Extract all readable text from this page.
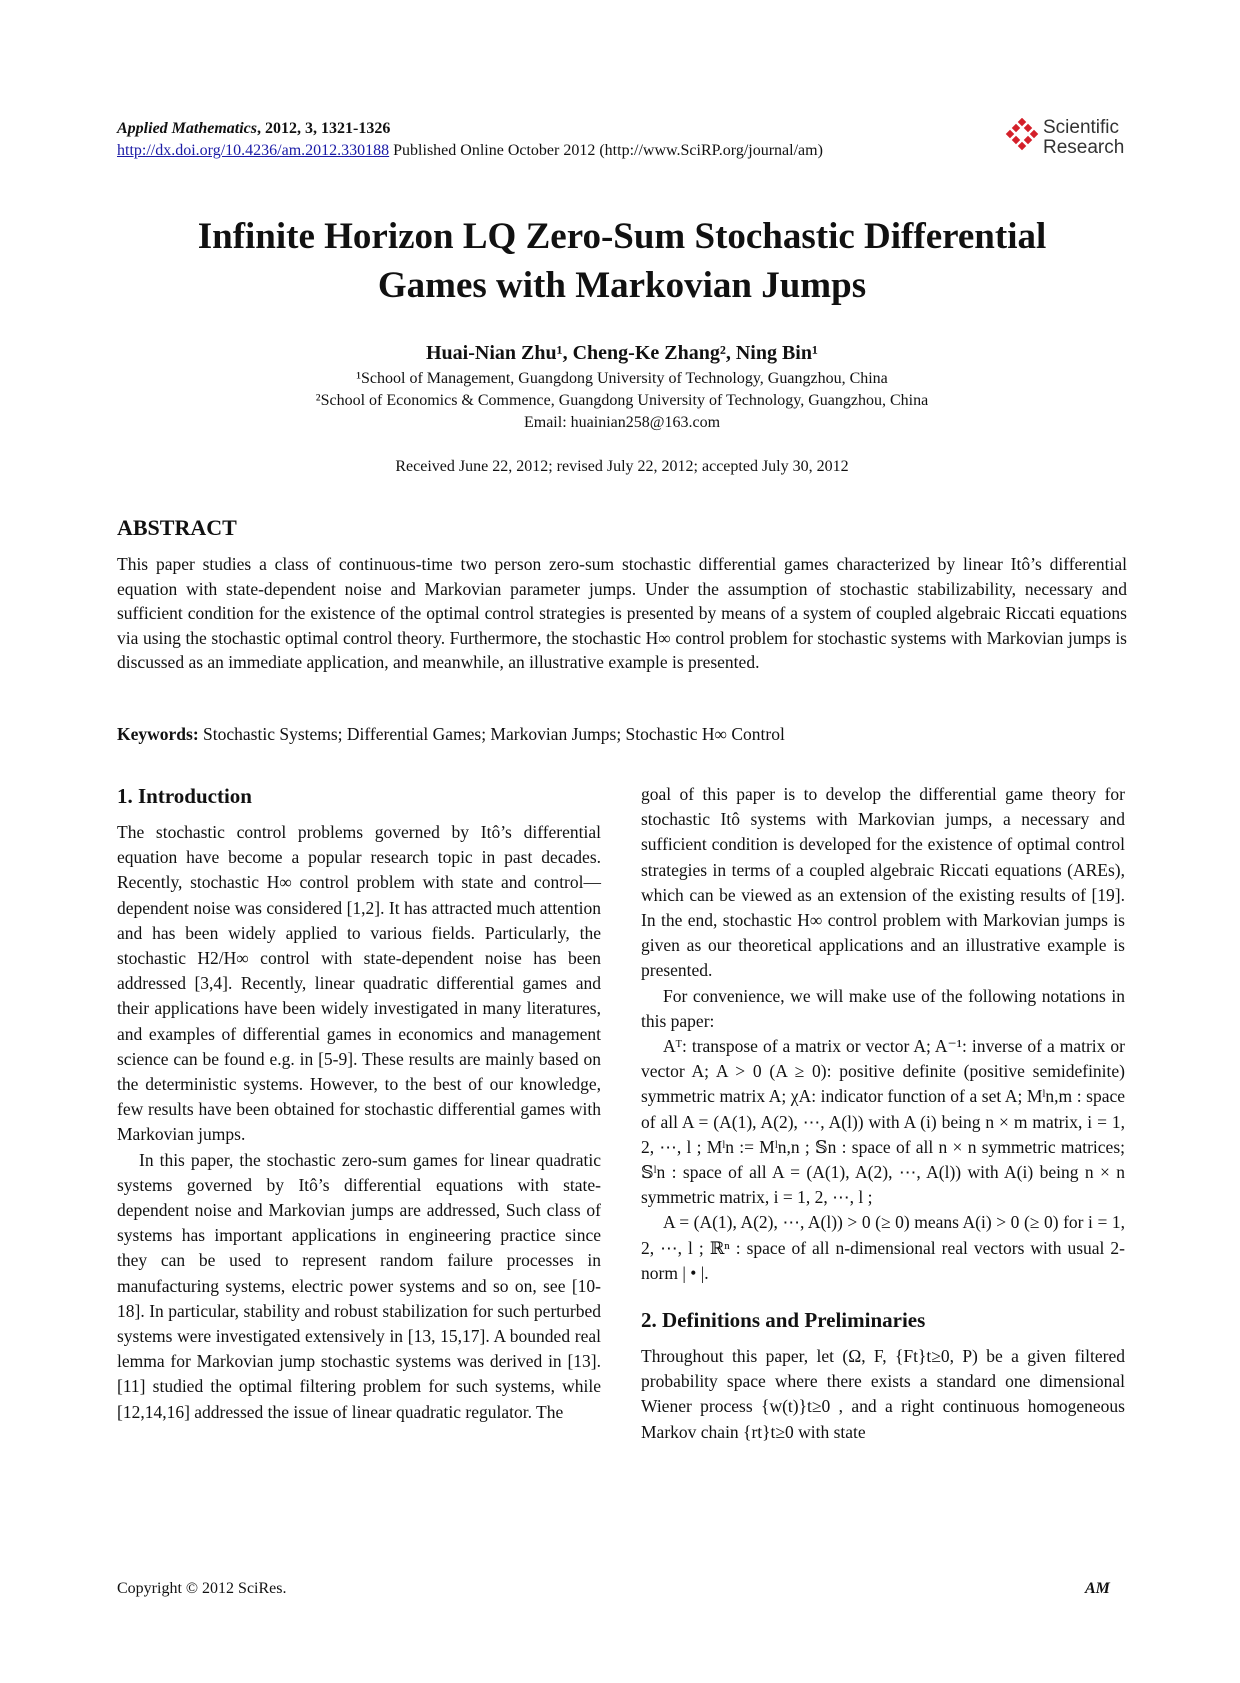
Applied Mathematics, 2012, 3, 1321-1326
http://dx.doi.org/10.4236/am.2012.330188 Published Online October 2012 (http://www.SciRP.org/journal/am)
Scientific
Research
Infinite Horizon LQ Zero-Sum Stochastic Differential
Games with Markovian Jumps
Huai-Nian Zhu¹, Cheng-Ke Zhang², Ning Bin¹
¹School of Management, Guangdong University of Technology, Guangzhou, China
²School of Economics & Commence, Guangdong University of Technology, Guangzhou, China
Email: huainian258@163.com
Received June 22, 2012; revised July 22, 2012; accepted July 30, 2012
ABSTRACT
This paper studies a class of continuous-time two person zero-sum stochastic differential games characterized by linear Itô’s differential equation with state-dependent noise and Markovian parameter jumps. Under the assumption of stochastic stabilizability, necessary and sufficient condition for the existence of the optimal control strategies is presented by means of a system of coupled algebraic Riccati equations via using the stochastic optimal control theory. Furthermore, the stochastic H∞ control problem for stochastic systems with Markovian jumps is discussed as an immediate application, and meanwhile, an illustrative example is presented.
Keywords: Stochastic Systems; Differential Games; Markovian Jumps; Stochastic H∞ Control
1. Introduction

The stochastic control problems governed by Itô’s differential equation have become a popular research topic in past decades. Recently, stochastic H∞ control problem with state and control—dependent noise was considered [1,2]. It has attracted much attention and has been widely applied to various fields. Particularly, the stochastic H2/H∞ control with state-dependent noise has been addressed [3,4]. Recently, linear quadratic differential games and their applications have been widely investigated in many literatures, and examples of differential games in economics and management science can be found e.g. in [5-9]. These results are mainly based on the deterministic systems. However, to the best of our knowledge, few results have been obtained for stochastic differential games with Markovian jumps.

In this paper, the stochastic zero-sum games for linear quadratic systems governed by Itô’s differential equations with state-dependent noise and Markovian jumps are addressed, Such class of systems has important applications in engineering practice since they can be used to represent random failure processes in manufacturing systems, electric power systems and so on, see [10-18]. In particular, stability and robust stabilization for such perturbed systems were investigated extensively in [13, 15,17]. A bounded real lemma for Markovian jump stochastic systems was derived in [13]. [11] studied the optimal filtering problem for such systems, while [12,14,16] addressed the issue of linear quadratic regulator. The

goal of this paper is to develop the differential game theory for stochastic Itô systems with Markovian jumps, a necessary and sufficient condition is developed for the existence of optimal control strategies in terms of a coupled algebraic Riccati equations (AREs), which can be viewed as an extension of the existing results of [19]. In the end, stochastic H∞ control problem with Markovian jumps is given as our theoretical applications and an illustrative example is presented.

For convenience, we will make use of the following notations in this paper:

Aᵀ: transpose of a matrix or vector A; A⁻¹: inverse of a matrix or vector A; A > 0 (A ≥ 0): positive definite (positive semidefinite) symmetric matrix A; χA: indicator function of a set A; Mˡn,m : space of all A = (A(1), A(2), ⋯, A(l)) with A (i) being n × m matrix, i = 1, 2, ⋯, l ; Mˡn := Mˡn,n ; 𝕊n : space of all n × n symmetric matrices; 𝕊ˡn : space of all A = (A(1), A(2), ⋯, A(l)) with A(i) being n × n symmetric matrix, i = 1, 2, ⋯, l ;

A = (A(1), A(2), ⋯, A(l)) > 0 (≥ 0) means A(i) > 0 (≥ 0) for i = 1, 2, ⋯, l ; ℝⁿ : space of all n-dimensional real vectors with usual 2-norm | • |.

2. Definitions and Preliminaries

Throughout this paper, let (Ω, F, {Ft}t≥0, P) be a given filtered probability space where there exists a standard one dimensional Wiener process {w(t)}t≥0 , and a right continuous homogeneous Markov chain {rt}t≥0 with state

Copyright © 2012 SciRes.	AM
